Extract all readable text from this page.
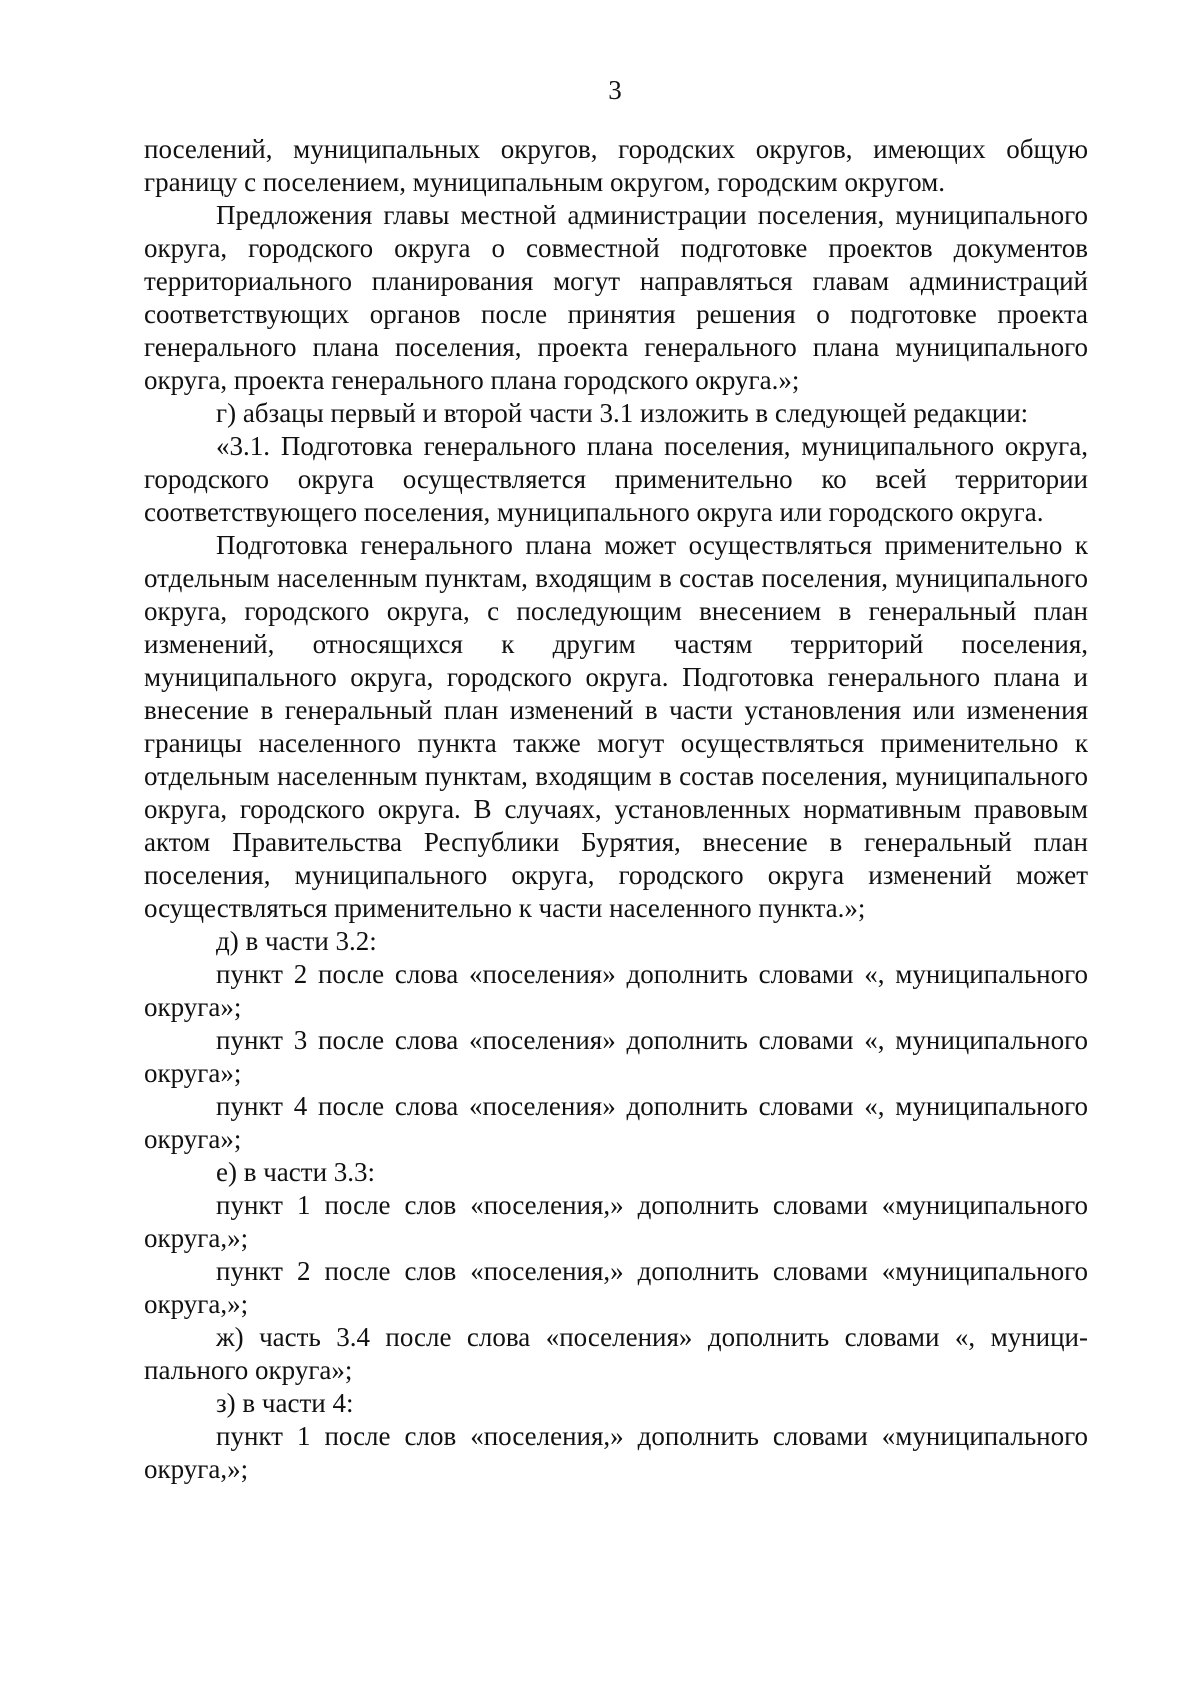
3

поселений, муниципальных округов, городских округов, имеющих общую границу с поселением, муниципальным округом, городским округом.

Предложения главы местной администрации поселения, муниципального округа, городского округа о совместной подготовке проектов документов территориального планирования могут направляться главам администраций соответствующих органов после принятия решения о подготовке проекта генерального плана поселения, проекта генерального плана муниципального округа, проекта генерального плана городского округа.»;

г) абзацы первый и второй части 3.1 изложить в следующей редакции:

«3.1. Подготовка генерального плана поселения, муниципального округа, городского округа осуществляется применительно ко всей территории соответствующего поселения, муниципального округа или городского округа.

Подготовка генерального плана может осуществляться применительно к отдельным населенным пунктам, входящим в состав поселения, муниципального округа, городского округа, с последующим внесением в генеральный план изменений, относящихся к другим частям территорий поселения, муниципального округа, городского округа. Подготовка генерального плана и внесение в генеральный план изменений в части установления или изменения границы населенного пункта также могут осуществляться применительно к отдельным населенным пунктам, входящим в состав поселения, муниципального округа, городского округа. В случаях, установленных нормативным правовым актом Правительства Республики Бурятия, внесение в генеральный план поселения, муниципального округа, городского округа изменений может осуществляться применительно к части населенного пункта.»;

д) в части 3.2:

пункт 2 после слова «поселения» дополнить словами «, муниципального округа»;

пункт 3 после слова «поселения» дополнить словами «, муниципального округа»;

пункт 4 после слова «поселения» дополнить словами «, муниципального округа»;

е) в части 3.3:

пункт 1 после слов «поселения,» дополнить словами «муниципального округа,»;

пункт 2 после слов «поселения,» дополнить словами «муниципального округа,»;

ж) часть 3.4 после слова «поселения» дополнить словами «, муниципального округа»;

з) в части 4:

пункт 1 после слов «поселения,» дополнить словами «муниципального округа,»;
